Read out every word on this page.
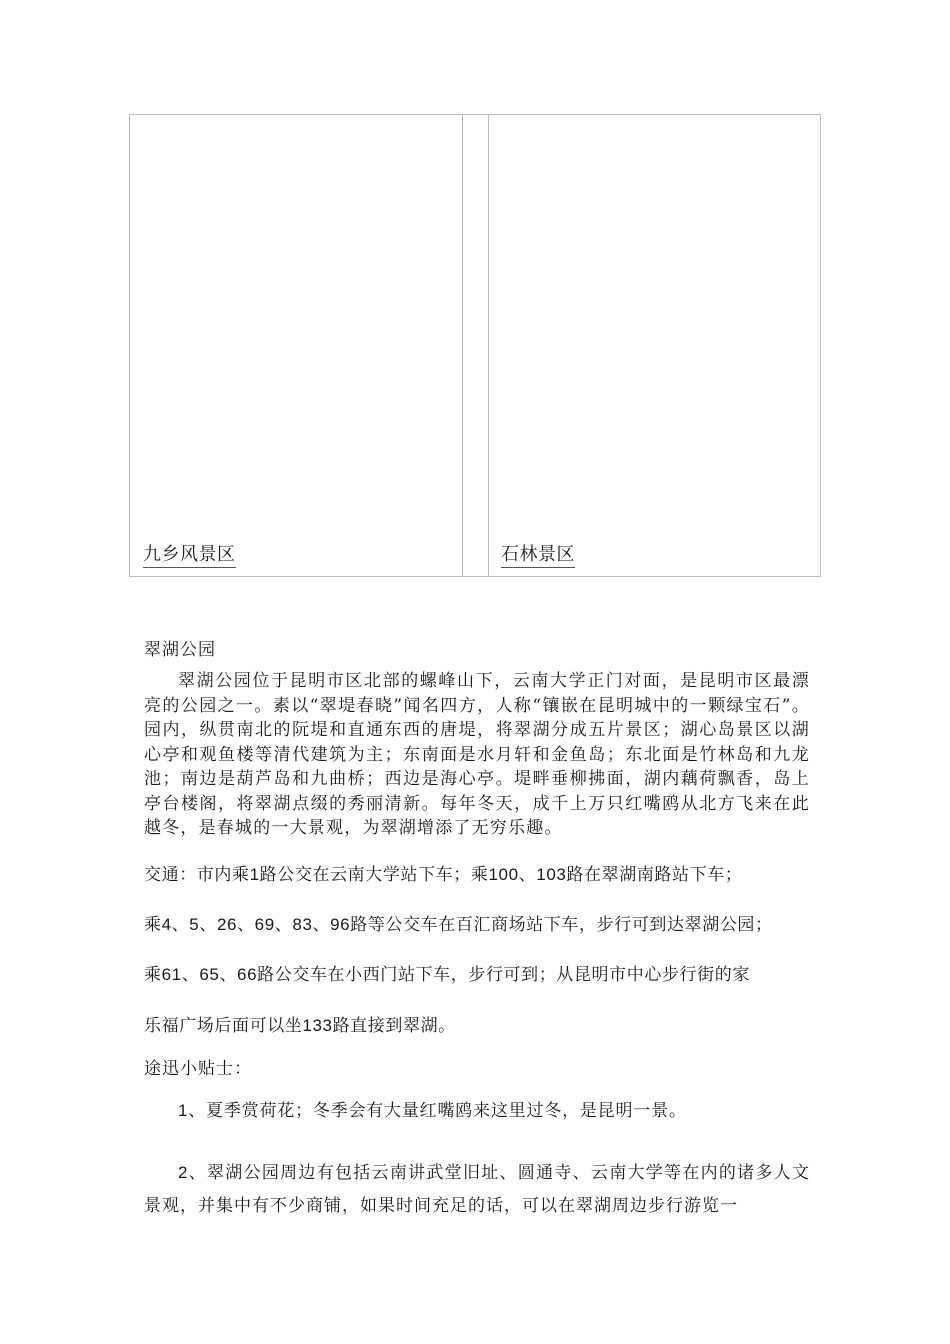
九乡风景区	石林景区

翠湖公园

翠湖公园位于昆明市区北部的螺峰山下，云南大学正门对面，是昆明市区最漂亮的公园之一。素以“翠堤春晓”闻名四方，人称“镶嵌在昆明城中的一颗绿宝石”。园内，纵贯南北的阮堤和直通东西的唐堤，将翠湖分成五片景区；湖心岛景区以湖心亭和观鱼楼等清代建筑为主；东南面是水月轩和金鱼岛；东北面是竹林岛和九龙池；南边是葫芦岛和九曲桥；西边是海心亭。堤畔垂柳拂面，湖内藕荷飘香，岛上亭台楼阁，将翠湖点缀的秀丽清新。每年冬天，成千上万只红嘴鸥从北方飞来在此越冬，是春城的一大景观，为翠湖增添了无穷乐趣。

交通：市内乘1路公交在云南大学站下车；乘100、103路在翠湖南路站下车；

乘4、5、26、69、83、96路等公交车在百汇商场站下车，步行可到达翠湖公园；

乘61、65、66路公交车在小西门站下车，步行可到；从昆明市中心步行街的家

乐福广场后面可以坐133路直接到翠湖。

途迅小贴士：

1、夏季赏荷花；冬季会有大量红嘴鸥来这里过冬，是昆明一景。

2、翠湖公园周边有包括云南讲武堂旧址、圆通寺、云南大学等在内的诸多人文景观，并集中有不少商铺，如果时间充足的话，可以在翠湖周边步行游览一
